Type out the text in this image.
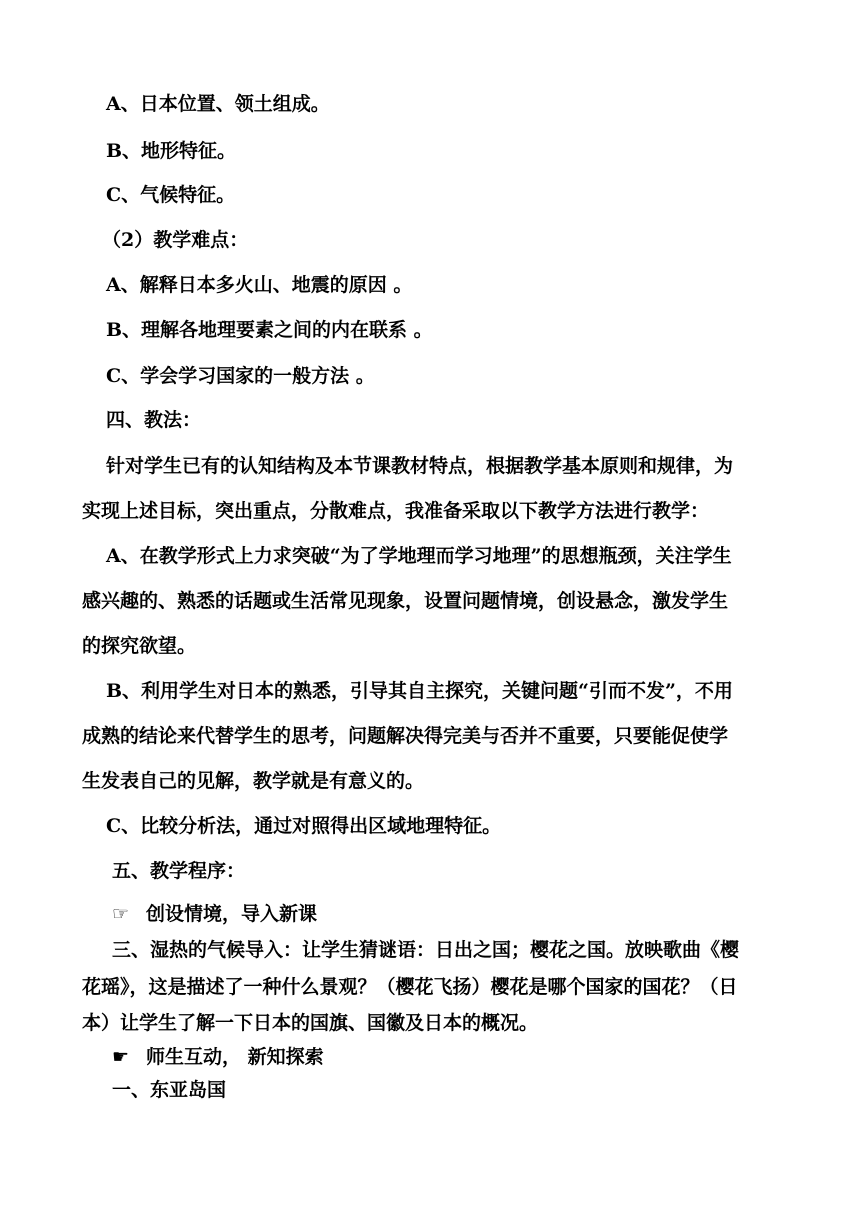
A、日本位置、领土组成。
B、地形特征。
C、气候特征。
（2）教学难点：
A、解释日本多火山、地震的原因 。
B、理解各地理要素之间的内在联系 。
C、学会学习国家的一般方法 。
四、教法：
针对学生已有的认知结构及本节课教材特点，根据教学基本原则和规律，为
实现上述目标，突出重点，分散难点，我准备采取以下教学方法进行教学：
A、在教学形式上力求突破“为了学地理而学习地理”的思想瓶颈，关注学生
感兴趣的、熟悉的话题或生活常见现象，设置问题情境，创设悬念，激发学生
的探究欲望。
B、利用学生对日本的熟悉，引导其自主探究，关键问题“引而不发”，不用
成熟的结论来代替学生的思考，问题解决得完美与否并不重要，只要能促使学
生发表自己的见解，教学就是有意义的。
C、比较分析法，通过对照得出区域地理特征。
五、教学程序：
☞ 创设情境，导入新课
三、湿热的气候导入：让学生猜谜语：日出之国；樱花之国。放映歌曲《樱
花瑶》，这是描述了一种什么景观？（樱花飞扬）樱花是哪个国家的国花？（日
本）让学生了解一下日本的国旗、国徽及日本的概况。
☛ 师生互动， 新知探索
一、东亚岛国
